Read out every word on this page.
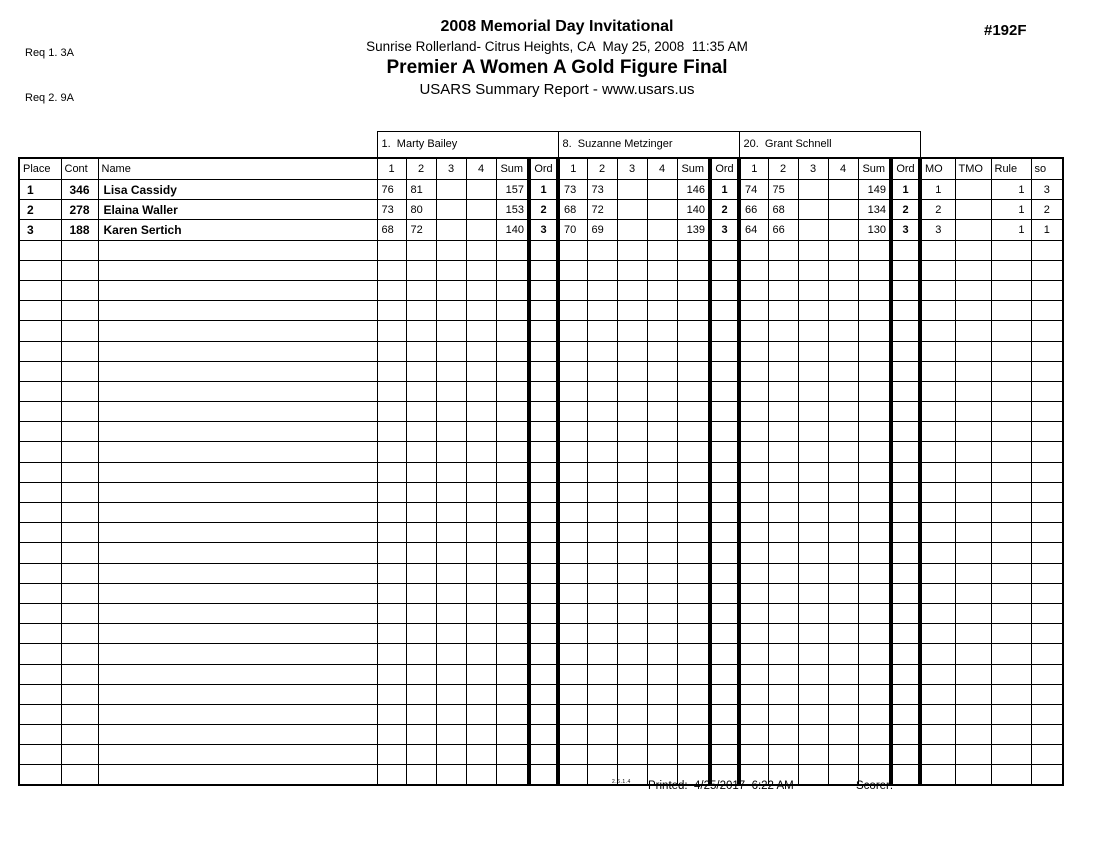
Req 1. 3A

Req 2. 9A

2008 Memorial Day Invitational
Sunrise Rollerland- Citrus Heights, CA  May 25, 2008  11:35 AM
Premier A Women A Gold Figure Final
USARS Summary Report - www.usars.us
#192F
			1.  Marty Bailey						8.  Suzanne Metzinger						20.  Grant Schnell									
Place	Cont	Name	1	2	3	4	Sum	Ord	1	2	3	4	Sum	Ord	1	2	3	4	Sum	Ord	MO	TMO	Rule	so
1	346	Lisa Cassidy	76	81			157	1	73	73			146	1	74	75			149	1	1		1	3
2	278	Elaina Waller	73	80			153	2	68	72			140	2	66	68			134	2	2		1	2
3	188	Karen Sertich	68	72			140	3	70	69			139	3	64	66			130	3	3		1	1

2.6.1.4 Printed:  4/25/2017  6:22 AM	Scorer:
